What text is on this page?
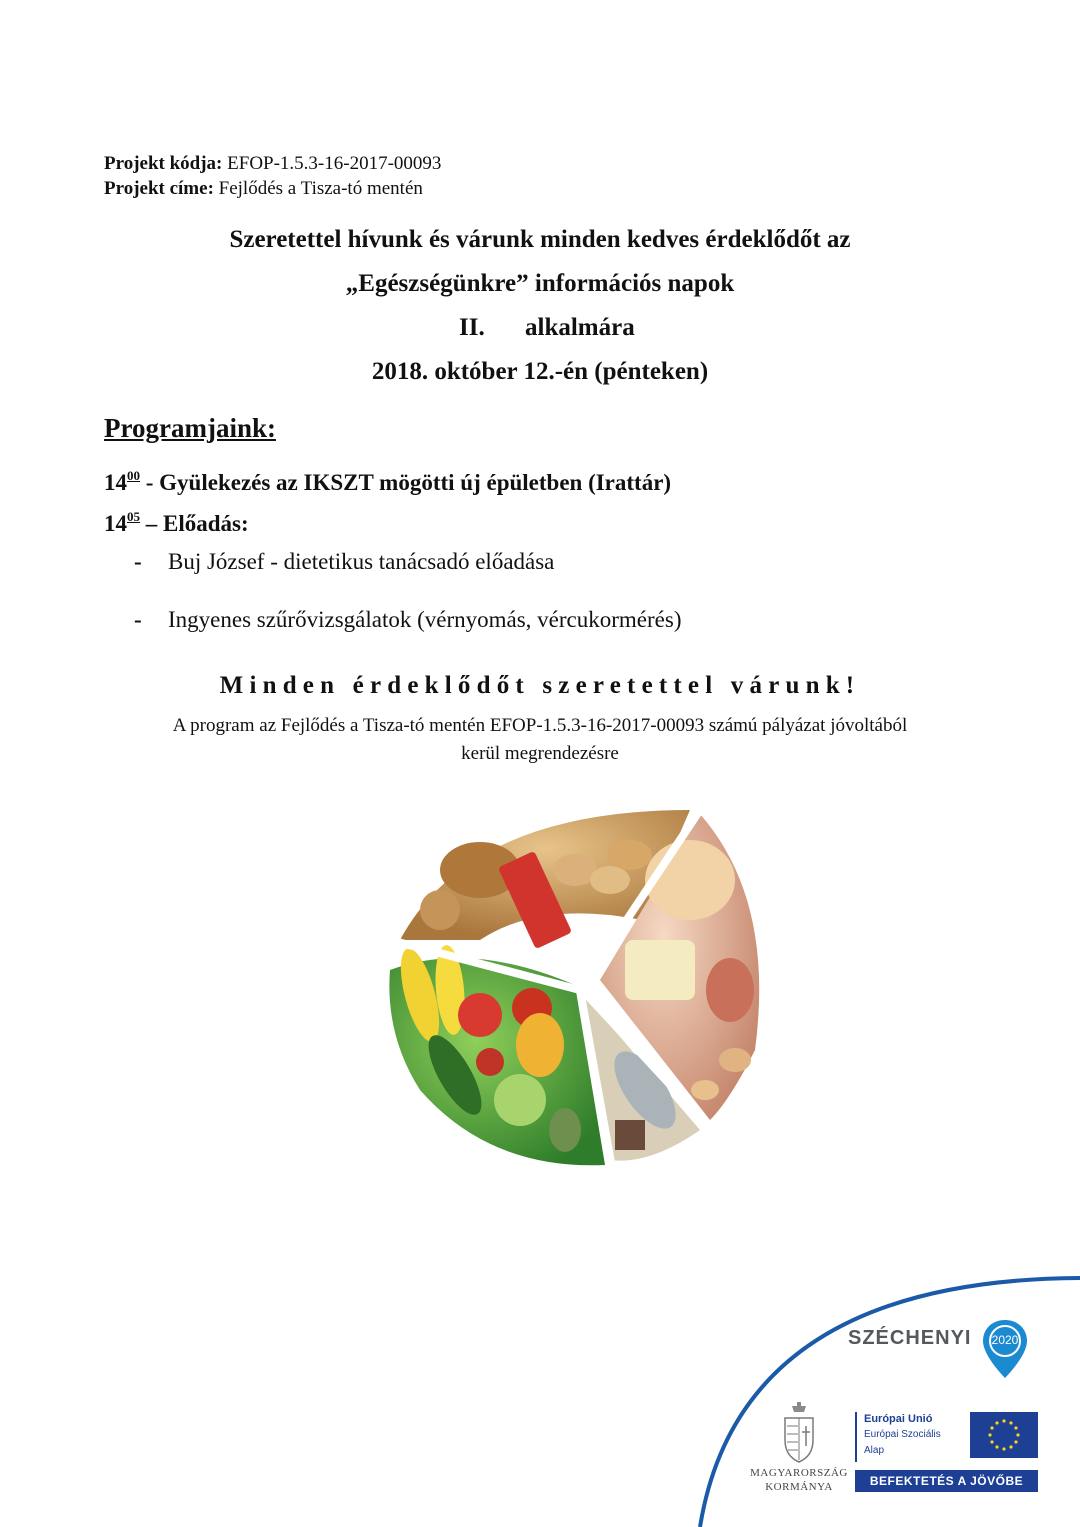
Projekt kódja: EFOP-1.5.3-16-2017-00093
Projekt címe: Fejlődés a Tisza-tó mentén
Szeretettel hívunk és várunk minden kedves érdeklődőt az
„Egészségünkre” információs napok
II. alkalmára
2018. október 12.-én (pénteken)
Programjaink:
$14^{00}$ - Gyülekezés az IKSZT mögötti új épületben (Irattár)
$14^{05}$ – Előadás:
- Buj József - dietetikus tanácsadó előadása
- Ingyenes szűrővizsgálatok (vérnyomás, vércukormérés)
Minden érdeklődőt szeretettel várunk!
A program az Fejlődés a Tisza-tó mentén EFOP-1.5.3-16-2017-00093 számú pályázat jóvoltából
kerül megrendezésre
SZÉCHENYI	2020
MAGYARORSZÁG
KORMÁNYA
Európai Unió
Európai Szociális
Alap
BEFEKTETÉS A JÖVŐBE
